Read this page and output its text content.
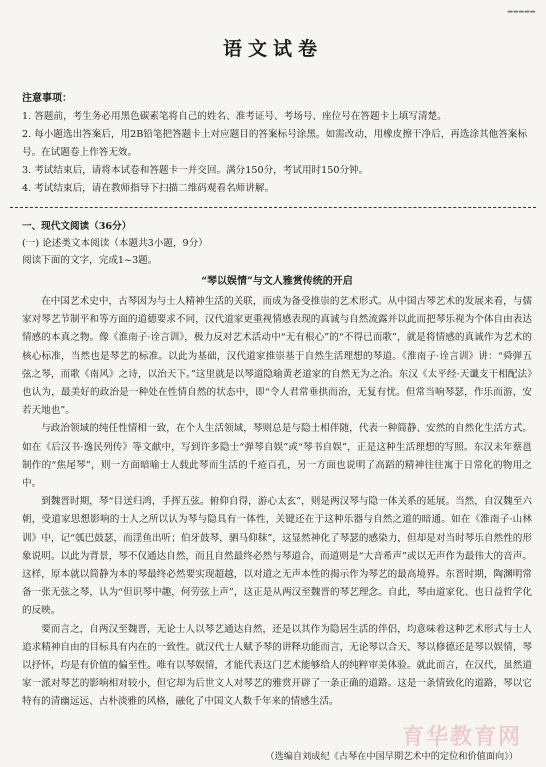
▂▂▂▂▂
语文试卷
注意事项：

1. 答题前，考生务必用黑色碳素笔将自己的姓名、准考证号、考场号、座位号在答题卡上填写清楚。

2. 每小题选出答案后，用2B铅笔把答题卡上对应题目的答案标号涂黑。如需改动，用橡皮擦干净后，再选涂其他答案标号。在试题卷上作答无效。

3. 考试结束后，请将本试卷和答题卡一并交回。满分150分，考试用时150分钟。

4. 考试结束后，请在教师指导下扫描二维码观看名师讲解。

一、现代文阅读（36分）

(一) 论述类文本阅读（本题共3小题，9分）

阅读下面的文字，完成1~3题。

“琴以娱情”与文人雅赏传统的开启

在中国艺术史中，古琴因为与士人精神生活的关联，而成为备受推崇的艺术形式。从中国古琴艺术的发展来看，与儒家对琴艺节制平和等方面的道德要求不同，汉代道家更重视情感表现的真诚与自然流露并以此而把琴乐视为个体自由表达情感的本真之物。像《淮南子·诠言训》，极力反对艺术活动中“无有根心”的“不得已而歌”，就是将情感的真诚作为艺术的核心标准，当然也是琴艺的标准。以此为基础，汉代道家推崇基于自然生活理想的琴道。《淮南子·诠言训》讲：“舜弹五弦之琴，而歌《南风》之诗，以治天下。”这里就是以琴道隐喻黄老道家的自然无为之治。东汉《太平经·天谶支干相配法》也认为，最美好的政治是一种处在性情自然的状态中，即“令人君常垂拱而治，无复有忧。但常当响琴瑟，作乐而游，安若天地也”。

与政治领域的纯任性情相一致，在个人生活领域，琴则总是与隐士相伴随，代表一种简静、安然的自然化生活方式。如在《后汉书·逸民列传》等文献中，写到许多隐士“弹琴自娱”或“琴书自娱”，正是这种生活理想的写照。东汉末年蔡邕制作的“焦尾琴”，则一方面暗喻士人载此琴而生活的千疮百孔，另一方面也说明了高蹈的精神往往寓于日常化的物用之中。

到魏晋时期，琴“目送归鸿，手挥五弦。俯仰自得，游心太玄”，则是两汉琴与隐一体关系的延展。当然，自汉魏至六朝，受道家思想影响的士人之所以认为琴与隐具有一体性，关键还在于这种乐器与自然之道的暗通。如在《淮南子·山林训》中，记“瓠巴鼓瑟，而淫鱼出听；伯牙鼓琴，驷马仰秣”，这显然神化了琴瑟的感染力，但却是对当时琴乐自然性的形象说明。以此为背景，琴不仅通达自然，而且自然最终必然与琴道合，而道则是“大音希声”或以无声作为最伟大的音声。这样，原本就以简静为本的琴最终必然要实现超越，以对道之无声本性的揭示作为琴艺的最高境界。东晋时期，陶渊明常备一张无弦之琴，认为“但识琴中趣，何劳弦上声”，这正是从两汉至魏晋的琴艺理念。自此，琴由道家化、也日益哲学化的反映。

要而言之，自两汉至魏晋，无论士人以琴艺通达自然，还是以其作为隐居生活的伴侣，均意味着这种艺术形式与士人追求精神自由的目标具有内在的一致性。就汉代士人赋予琴的讲释功能而言，无论琴以合天、琴以修德还是琴以娱情，琴以抒怀，均是有价值的偏至性。唯有以琴娱情，才能代表这门艺术能够给人的纯粹审美体验。就此而言，在汉代，虽然道家一派对琴艺的影响相对较小，但它却为后世文人对琴艺的雅赏开辟了一条正确的道路。这是一条情致化的道路，琴以它特有的清幽远远、古朴淡雅的风格，融化了中国文人数千年来的情感生活。

育华教育网
（选编自刘成纪《古琴在中国早期艺术中的定位和价值面向》）
